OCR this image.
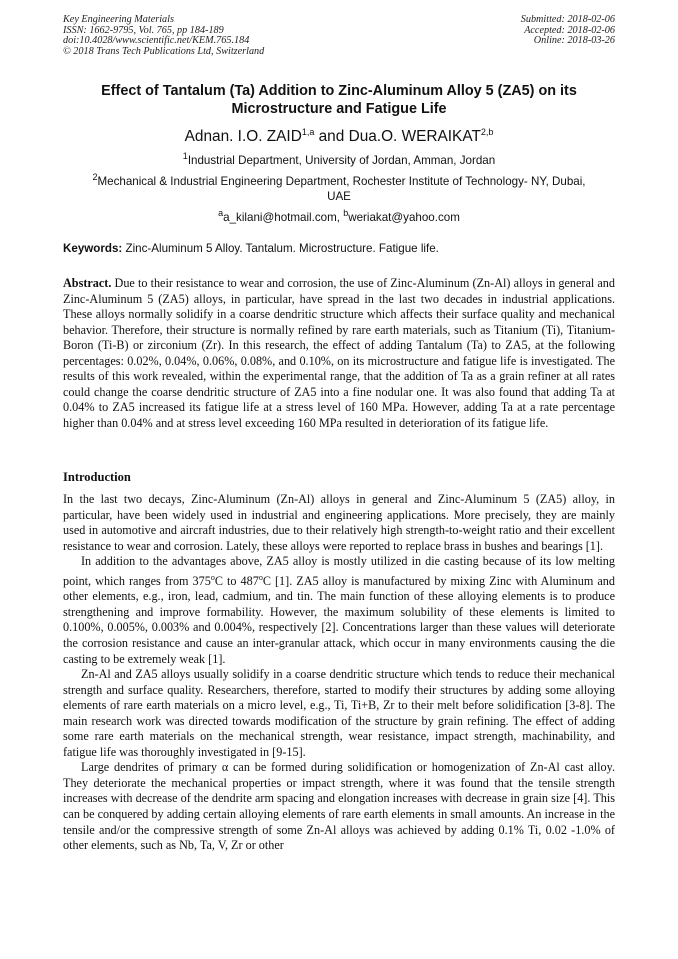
Key Engineering Materials
ISSN: 1662-9795, Vol. 765, pp 184-189
doi:10.4028/www.scientific.net/KEM.765.184
© 2018 Trans Tech Publications Ltd, Switzerland
Submitted: 2018-02-06
Accepted: 2018-02-06
Online: 2018-03-26
Effect of Tantalum (Ta) Addition to Zinc-Aluminum Alloy 5 (ZA5) on its Microstructure and Fatigue Life
Adnan. I.O. ZAID$^{1,a}$ and Dua.O. WERAIKAT$^{2,b}$
$^1$Industrial Department, University of Jordan, Amman, Jordan
$^2$Mechanical & Industrial Engineering Department, Rochester Institute of Technology- NY, Dubai, UAE
$^a$a_kilani@hotmail.com, $^b$weriakat@yahoo.com
Keywords: Zinc-Aluminum 5 Alloy. Tantalum. Microstructure. Fatigue life.
Abstract. Due to their resistance to wear and corrosion, the use of Zinc-Aluminum (Zn-Al) alloys in general and Zinc-Aluminum 5 (ZA5) alloys, in particular, have spread in the last two decades in industrial applications. These alloys normally solidify in a coarse dendritic structure which affects their surface quality and mechanical behavior. Therefore, their structure is normally refined by rare earth materials, such as Titanium (Ti), Titanium-Boron (Ti-B) or zirconium (Zr). In this research, the effect of adding Tantalum (Ta) to ZA5, at the following percentages: 0.02%, 0.04%, 0.06%, 0.08%, and 0.10%, on its microstructure and fatigue life is investigated. The results of this work revealed, within the experimental range, that the addition of Ta as a grain refiner at all rates could change the coarse dendritic structure of ZA5 into a fine nodular one. It was also found that adding Ta at 0.04% to ZA5 increased its fatigue life at a stress level of 160 MPa. However, adding Ta at a rate percentage higher than 0.04% and at stress level exceeding 160 MPa resulted in deterioration of its fatigue life.
Introduction

In the last two decays, Zinc-Aluminum (Zn-Al) alloys in general and Zinc-Aluminum 5 (ZA5) alloy, in particular, have been widely used in industrial and engineering applications. More precisely, they are mainly used in automotive and aircraft industries, due to their relatively high strength-to-weight ratio and their excellent resistance to wear and corrosion. Lately, these alloys were reported to replace brass in bushes and bearings [1].

In addition to the advantages above, ZA5 alloy is mostly utilized in die casting because of its low melting point, which ranges from 375$^o$C to 487$^o$C [1]. ZA5 alloy is manufactured by mixing Zinc with Aluminum and other elements, e.g., iron, lead, cadmium, and tin. The main function of these alloying elements is to produce strengthening and improve formability. However, the maximum solubility of these elements is limited to 0.100%, 0.005%, 0.003% and 0.004%, respectively [2]. Concentrations larger than these values will deteriorate the corrosion resistance and cause an inter-granular attack, which occur in many environments causing the die casting to be extremely weak [1].

Zn-Al and ZA5 alloys usually solidify in a coarse dendritic structure which tends to reduce their mechanical strength and surface quality. Researchers, therefore, started to modify their structures by adding some alloying elements of rare earth materials on a micro level, e.g., Ti, Ti+B, Zr to their melt before solidification [3-8]. The main research work was directed towards modification of the structure by grain refining. The effect of adding some rare earth materials on the mechanical strength, wear resistance, impact strength, machinability, and fatigue life was thoroughly investigated in [9-15].

Large dendrites of primary α can be formed during solidification or homogenization of Zn-Al cast alloy. They deteriorate the mechanical properties or impact strength, where it was found that the tensile strength increases with decrease of the dendrite arm spacing and elongation increases with decrease in grain size [4]. This can be conquered by adding certain alloying elements of rare earth elements in small amounts. An increase in the tensile and/or the compressive strength of some Zn-Al alloys was achieved by adding 0.1% Ti, 0.02 -1.0% of other elements, such as Nb, Ta, V, Zr or other
